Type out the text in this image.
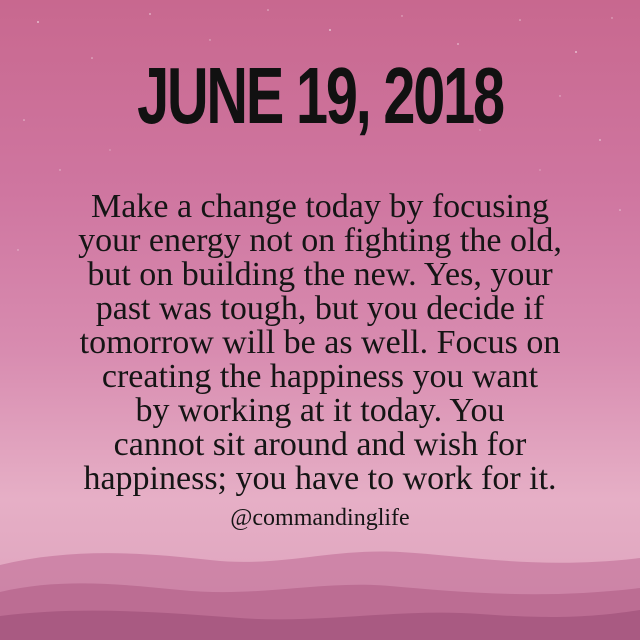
JUNE 19, 2018

Make a change today by focusing
your energy not on fighting the old,
but on building the new. Yes, your
past was tough, but you decide if
tomorrow will be as well. Focus on
creating the happiness you want
by working at it today. You
cannot sit around and wish for
happiness; you have to work for it.

@commandinglife
